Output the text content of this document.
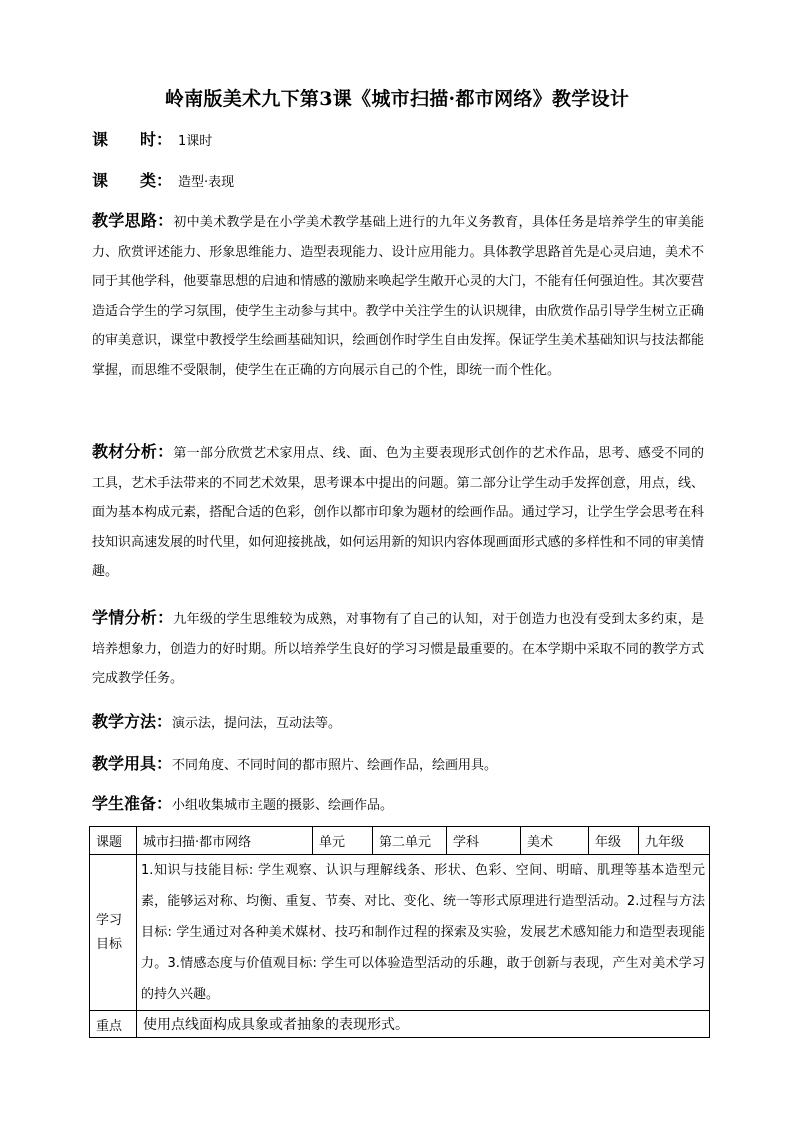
岭南版美术九下第3课《城市扫描·都市网络》教学设计
课　　时： 1课时
课　　类： 造型·表现
教学思路：初中美术教学是在小学美术教学基础上进行的九年义务教育，具体任务是培养学生的审美能力、欣赏评述能力、形象思维能力、造型表现能力、设计应用能力。具体教学思路首先是心灵启迪，美术不同于其他学科，他要靠思想的启迪和情感的激励来唤起学生敞开心灵的大门，不能有任何强迫性。其次要营造适合学生的学习氛围，使学生主动参与其中。教学中关注学生的认识规律，由欣赏作品引导学生树立正确的审美意识，课堂中教授学生绘画基础知识，绘画创作时学生自由发挥。保证学生美术基础知识与技法都能掌握，而思维不受限制，使学生在正确的方向展示自己的个性，即统一而个性化。
教材分析：第一部分欣赏艺术家用点、线、面、色为主要表现形式创作的艺术作品，思考、感受不同的工具，艺术手法带来的不同艺术效果，思考课本中提出的问题。第二部分让学生动手发挥创意，用点，线、面为基本构成元素，搭配合适的色彩，创作以都市印象为题材的绘画作品。通过学习，让学生学会思考在科技知识高速发展的时代里，如何迎接挑战，如何运用新的知识内容体现画面形式感的多样性和不同的审美情趣。
学情分析：九年级的学生思维较为成熟，对事物有了自己的认知，对于创造力也没有受到太多约束，是培养想象力，创造力的好时期。所以培养学生良好的学习习惯是最重要的。在本学期中采取不同的教学方式完成教学任务。
教学方法：演示法，提问法，互动法等。
教学用具：不同角度、不同时间的都市照片、绘画作品，绘画用具。
学生准备：小组收集城市主题的摄影、绘画作品。
课题	城市扫描·都市网络	单元	第二单元	学科	美术	年级	九年级
学习
目标	1.知识与技能目标: 学生观察、认识与理解线条、形状、色彩、空间、明暗、肌理等基本造型元素，能够运对称、均衡、重复、节奏、对比、变化、统一等形式原理进行造型活动。2.过程与方法目标: 学生通过对各种美术媒材、技巧和制作过程的探索及实验，发展艺术感知能力和造型表现能力。3.情感态度与价值观目标: 学生可以体验造型活动的乐趣，敢于创新与表现，产生对美术学习的持久兴趣。						
重点	使用点线面构成具象或者抽象的表现形式。						
